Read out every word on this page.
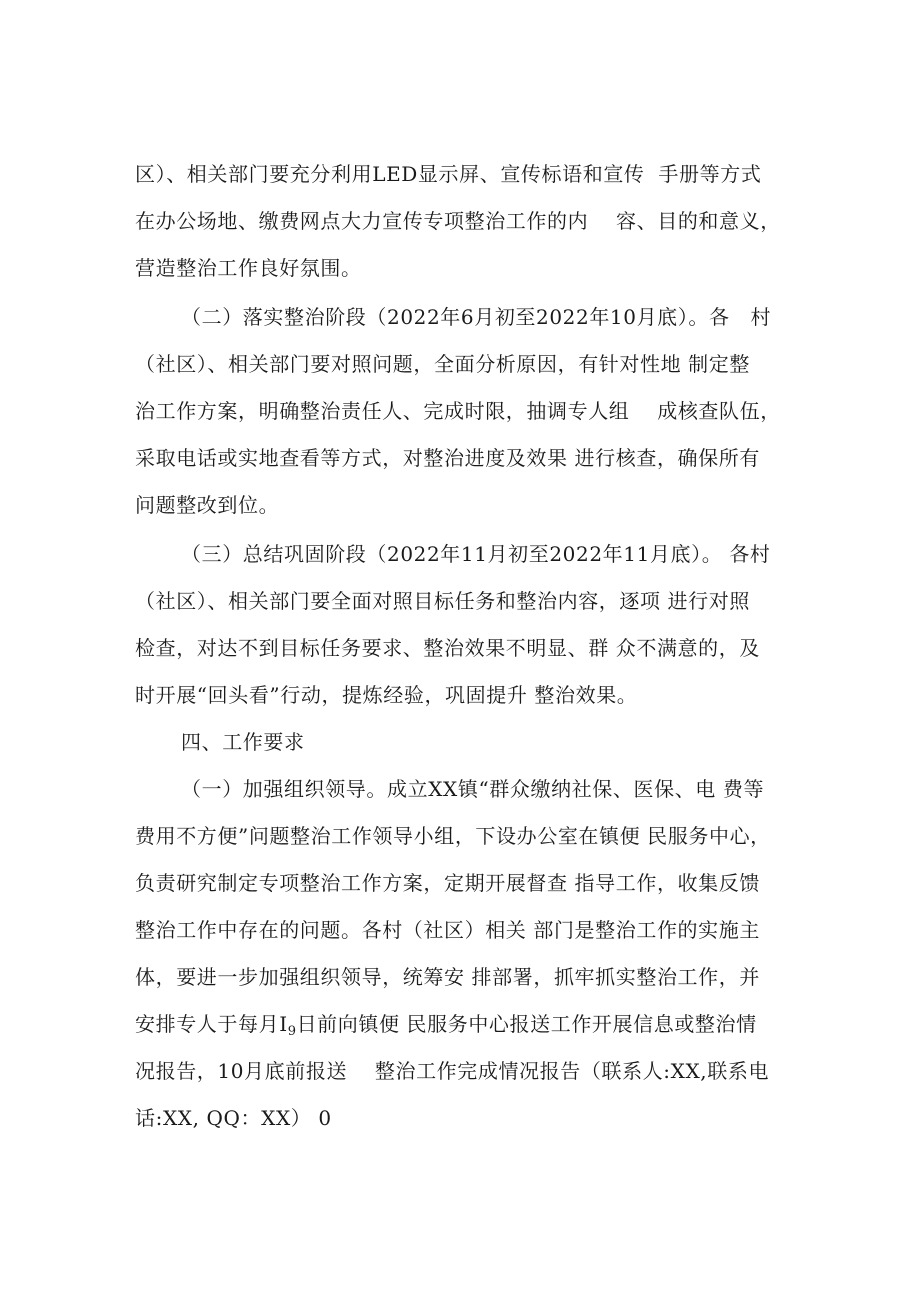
区）、相关部门要充分利用LED显示屏、宣传标语和宣传  手册等方式
在办公场地、缴费网点大力宣传专项整治工作的内    容、目的和意义，
营造整治工作良好氛围。
（二）落实整治阶段（2022年6月初至2022年10月底）。各   村
（社区）、相关部门要对照问题，全面分析原因，有针对性地 制定整
治工作方案，明确整治责任人、完成时限，抽调专人组    成核查队伍，
采取电话或实地查看等方式，对整治进度及效果 进行核查，确保所有
问题整改到位。
（三）总结巩固阶段（2022年11月初至2022年11月底）。 各村
（社区）、相关部门要全面对照目标任务和整治内容，逐项 进行对照
检查，对达不到目标任务要求、整治效果不明显、群 众不满意的，及
时开展“回头看”行动，提炼经验，巩固提升 整治效果。
四、工作要求
（一）加强组织领导。成立XX镇“群众缴纳社保、医保、电 费等
费用不方便”问题整治工作领导小组，下设办公室在镇便 民服务中心，
负责研究制定专项整治工作方案，定期开展督查 指导工作，收集反馈
整治工作中存在的问题。各村（社区）相关 部门是整治工作的实施主
体，要进一步加强组织领导，统筹安 排部署，抓牢抓实整治工作，并
安排专人于每月$I_9$日前向镇便 民服务中心报送工作开展信息或整治情
况报告，10月底前报送    整治工作完成情况报告（联系人:XX,联系电
话:XX, QQ：XX） 0
